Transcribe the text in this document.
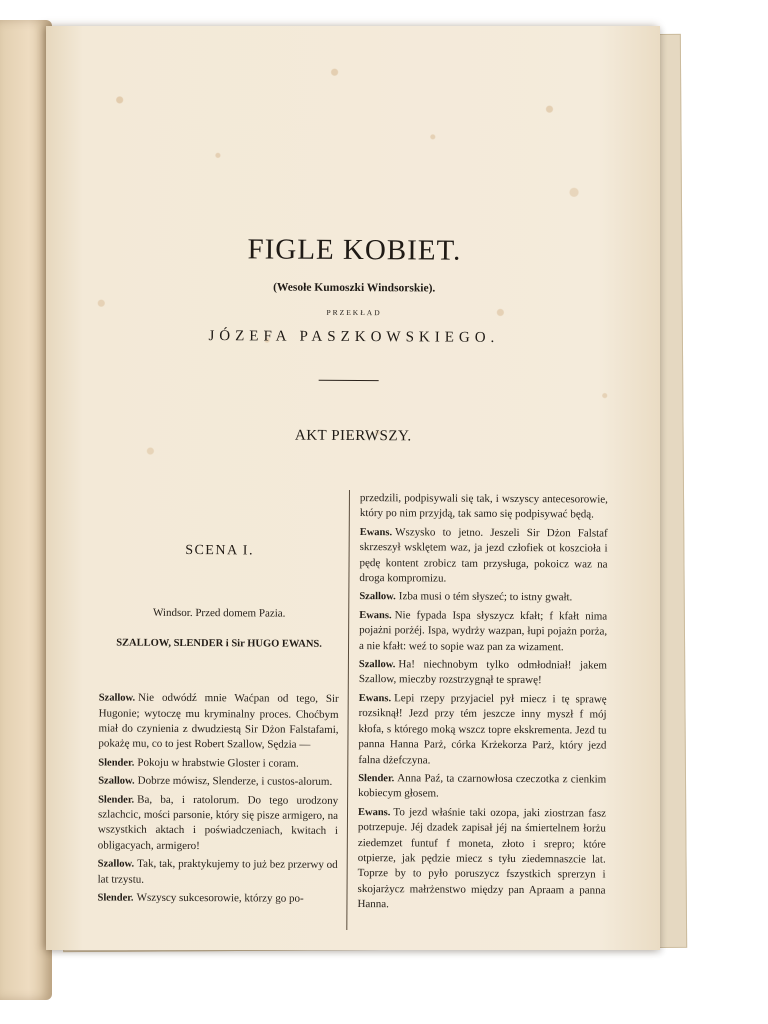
FIGLE KOBIET.
(Wesołe Kumoszki Windsorskie).
PRZEKŁAD
JÓZEFA PASZKOWSKIEGO.
AKT PIERWSZY.
SCENA I.
Windsor. Przed domem Pazia.
SZALLOW, SLENDER i Sir HUGO EWANS.

Szallow. Nie odwódź mnie Waćpan od tego, Sir Hugonie; wytoczę mu kryminalny proces. Choćbym miał do czynienia z dwudziestą Sir Dżon Falstafami, pokażę mu, co to jest Robert Szallow, Sędzia —

Slender. Pokoju w hrabstwie Gloster i coram.

Szallow. Dobrze mówisz, Slenderze, i custos-alorum.

Slender. Ba, ba, i ratolorum. Do tego urodzony szlachcic, mości parsonie, który się pisze armigero, na wszystkich aktach i poświadczeniach, kwitach i obligacyach, armigero!

Szallow. Tak, tak, praktykujemy to już bez przerwy od lat trzystu.

Slender. Wszyscy sukcesorowie, którzy go po-

przedzili, podpisywali się tak, i wszyscy antecesorowie, który po nim przyjdą, tak samo się podpisywać będą.

Ewans. Wszysko to jetno. Jeszeli Sir Dżon Falstaf skrzeszył wsklętem waz, ja jezd człofiek ot koszcioła i pędę kontent zrobicz tam przysługa, pokoicz waz na droga kompromizu.

Szallow. Izba musi o tém słyszeć; to istny gwałt.

Ewans. Nie fypada Ispa słyszycz kfałt; f kfałt nima pojażni porżéj. Ispa, wydrży wazpan, łupi pojażn porża, a nie kfałt: weź to sopie waz pan za wizament.

Szallow. Ha! niechnobym tylko odmłodniał! jakem Szallow, mieczby rozstrzygnął te sprawę!

Ewans. Lepi rzepy przyjaciel pył miecz i tę sprawę rozsiknął! Jezd przy tém jeszcze inny myszł f mój kłofa, s którego moką wszcz topre ekskrementa. Jezd tu panna Hanna Parż, córka Krżekorza Parż, który jezd falna dżefczyna.

Slender. Anna Paź, ta czarnowłosa czeczotka z cienkim kobiecym głosem.

Ewans. To jezd właśnie taki ozopa, jaki ziostrzan fasz potrzepuje. Jéj dzadek zapisał jéj na śmiertelnem łorżu ziedemzet funtuf f moneta, złoto i srepro; które otpierze, jak pędzie miecz s tyłu ziedemnaszcie lat. Toprze by to pyło poruszycz fszystkich sprerzyn i skojarżycz małrżenstwo między pan Apraam a panna Hanna.
